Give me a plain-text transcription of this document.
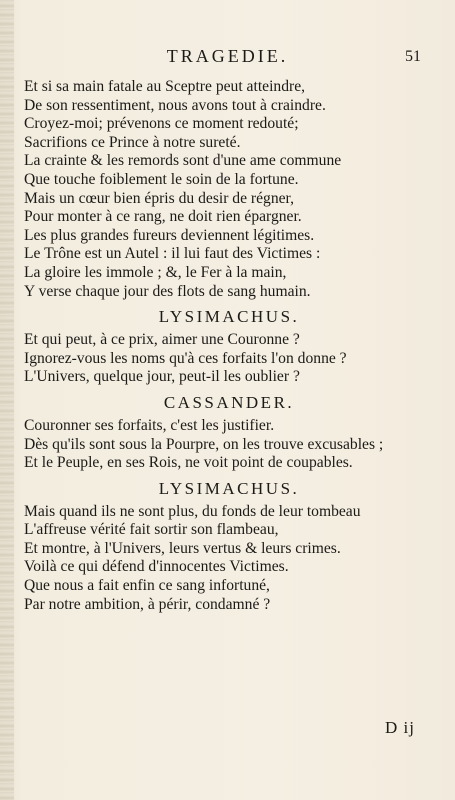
TRAGEDIE.	51
Et si sa main fatale au Sceptre peut atteindre,
De son ressentiment, nous avons tout à craindre.
Croyez-moi; prévenons ce moment redouté;
Sacrifions ce Prince à notre sureté.
La crainte & les remords sont d'une ame commune
Que touche foiblement le soin de la fortune.
Mais un cœur bien épris du desir de régner,
Pour monter à ce rang, ne doit rien épargner.
Les plus grandes fureurs deviennent légitimes.
Le Trône est un Autel : il lui faut des Victimes :
La gloire les immole ; &, le Fer à la main,
Y verse chaque jour des flots de sang humain.
LYSIMACHUS.
Et qui peut, à ce prix, aimer une Couronne ?
Ignorez-vous les noms qu'à ces forfaits l'on donne ?
L'Univers, quelque jour, peut-il les oublier ?
CASSANDER.
Couronner ses forfaits, c'est les justifier.
Dès qu'ils sont sous la Pourpre, on les trouve excusables ;
Et le Peuple, en ses Rois, ne voit point de coupables.
LYSIMACHUS.
Mais quand ils ne sont plus, du fonds de leur tombeau
L'affreuse vérité fait sortir son flambeau,
Et montre, à l'Univers, leurs vertus & leurs crimes.
Voilà ce qui défend d'innocentes Victimes.
Que nous a fait enfin ce sang infortuné,
Par notre ambition, à périr, condamné ?
D ij
